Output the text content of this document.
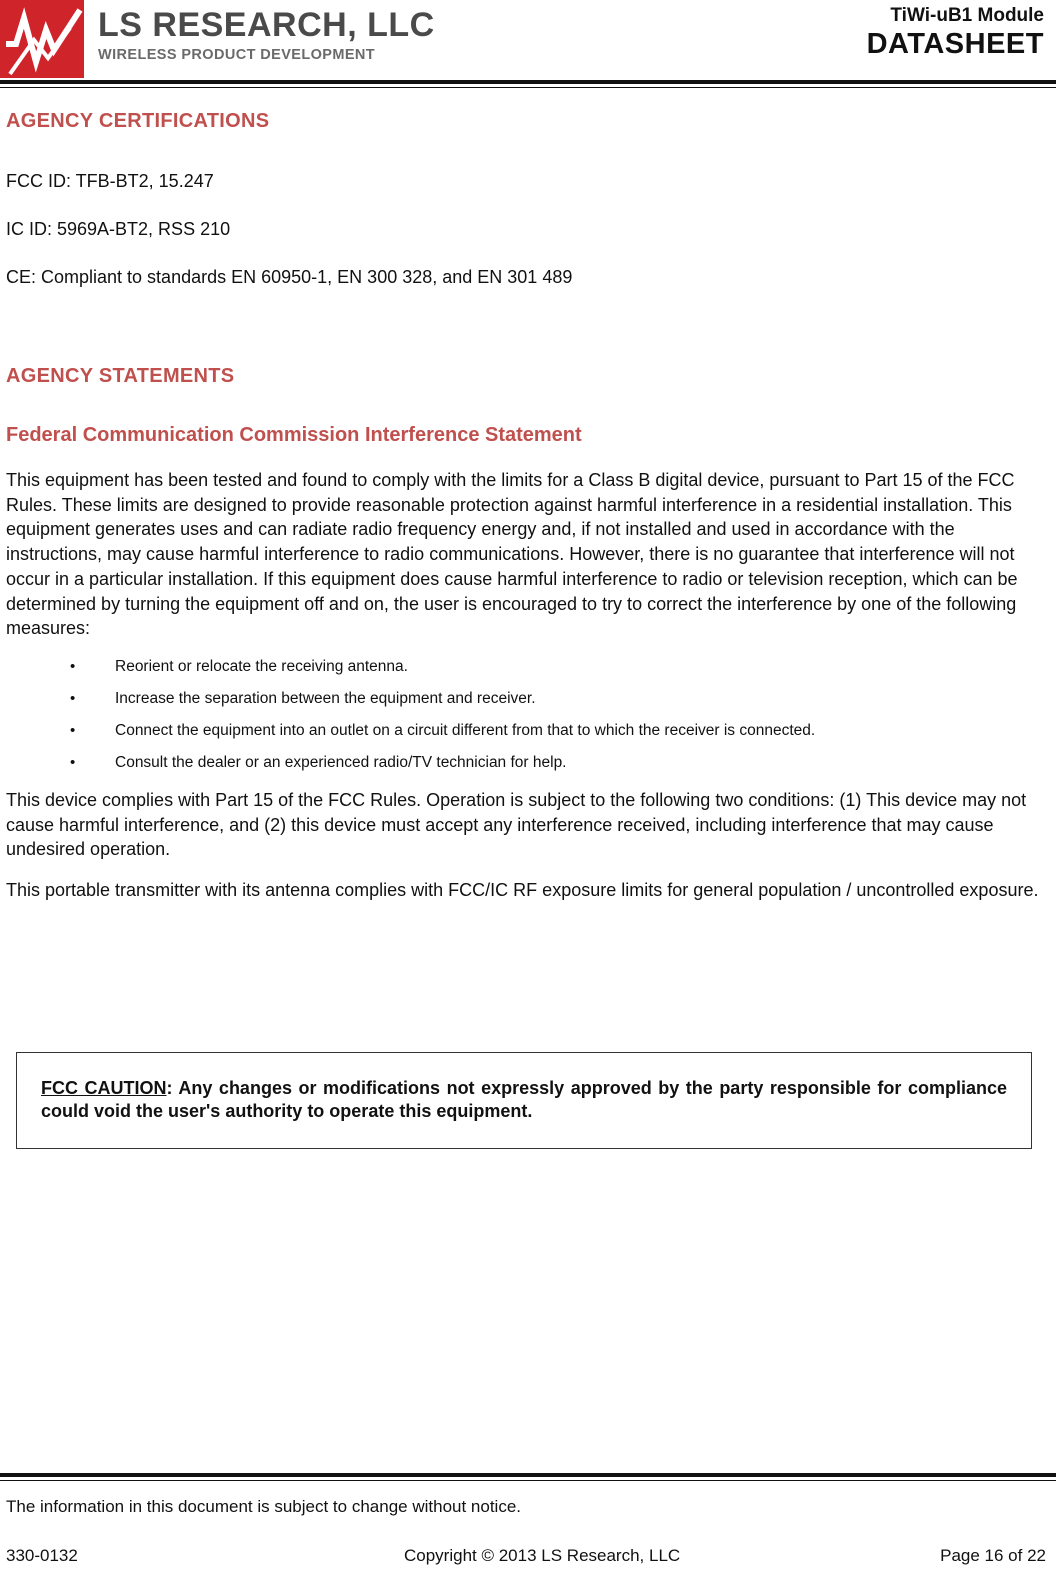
LS RESEARCH, LLC
WIRELESS PRODUCT DEVELOPMENT
TiWi-uB1 Module
DATASHEET
AGENCY CERTIFICATIONS

FCC ID: TFB-BT2, 15.247

IC ID: 5969A-BT2, RSS 210

CE: Compliant to standards EN 60950-1, EN 300 328, and EN 301 489

AGENCY STATEMENTS
Federal Communication Commission Interference Statement

This equipment has been tested and found to comply with the limits for a Class B digital device, pursuant to Part 15 of the FCC Rules. These limits are designed to provide reasonable protection against harmful interference in a residential installation. This equipment generates uses and can radiate radio frequency energy and, if not installed and used in accordance with the instructions, may cause harmful interference to radio communications. However, there is no guarantee that interference will not occur in a particular installation. If this equipment does cause harmful interference to radio or television reception, which can be determined by turning the equipment off and on, the user is encouraged to try to correct the interference by one of the following measures:

•	Reorient or relocate the receiving antenna.
•	Increase the separation between the equipment and receiver.
•	Connect the equipment into an outlet on a circuit different from that to which the receiver is connected.
•	Consult the dealer or an experienced radio/TV technician for help.

This device complies with Part 15 of the FCC Rules. Operation is subject to the following two conditions: (1) This device may not cause harmful interference, and (2) this device must accept any interference received, including interference that may cause undesired operation.

This portable transmitter with its antenna complies with FCC/IC RF exposure limits for general population / uncontrolled exposure.

FCC CAUTION: Any changes or modifications not expressly approved by the party responsible for compliance could void the user's authority to operate this equipment.

The information in this document is subject to change without notice.
330-0132	Copyright © 2013 LS Research, LLC	Page 16 of 22
